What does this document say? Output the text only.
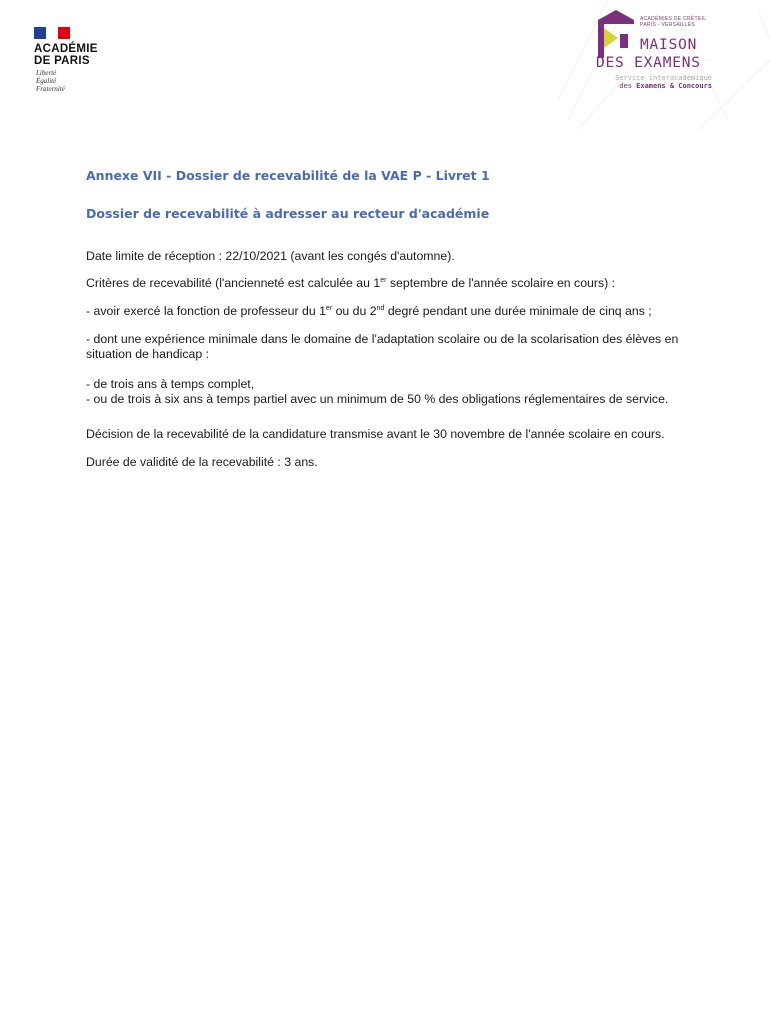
ACADÉMIE
DE PARIS
Liberté
Égalité
Fraternité
ACADÉMIES DE CRÉTEIL
PARIS - VERSAILLES
MAISON
DES EXAMENS
Service interacadémique
des Examens & Concours
Annexe VII - Dossier de recevabilité de la VAE P - Livret 1
Dossier de recevabilité à adresser au recteur d'académie
Date limite de réception : 22/10/2021 (avant les congés d'automne).
Critères de recevabilité (l'ancienneté est calculée au 1er septembre de l'année scolaire en cours) :
- avoir exercé la fonction de professeur du 1er ou du 2nd degré pendant une durée minimale de cinq ans ;
- dont une expérience minimale dans le domaine de l'adaptation scolaire ou de la scolarisation des élèves en situation de handicap :
- de trois ans à temps complet,
- ou de trois à six ans à temps partiel avec un minimum de 50 % des obligations réglementaires de service.
Décision de la recevabilité de la candidature transmise avant le 30 novembre de l'année scolaire en cours.
Durée de validité de la recevabilité : 3 ans.
